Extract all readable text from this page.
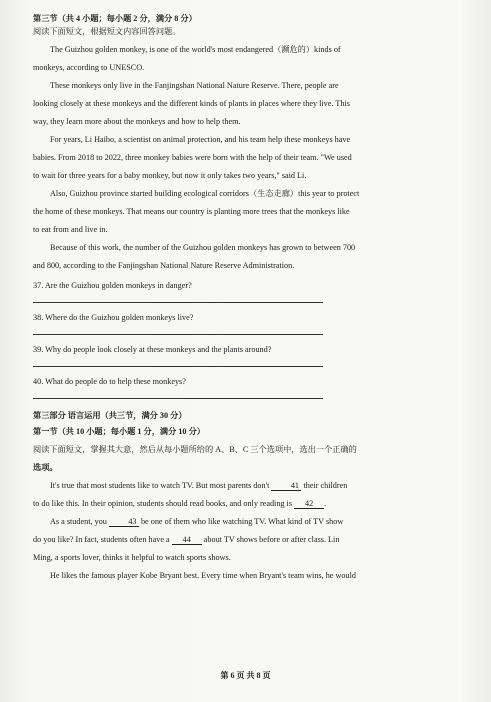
第三节（共 4 小题；每小题 2 分，满分 8 分）
阅读下面短文，根据短文内容回答问题。
The Guizhou golden monkey, is one of the world's most endangered（濒危的）kinds of
monkeys, according to UNESCO.
These monkeys only live in the Fanjingshan National Nature Reserve. There, people are
looking closely at these monkeys and the different kinds of plants in places where they live. This
way, they learn more about the monkeys and how to help them.
For years, Li Haibo, a scientist on animal protection, and his team help these monkeys have
babies. From 2018 to 2022, three monkey babies were born with the help of their team. "We used
to wait for three years for a baby monkey, but now it only takes two years," said Li.
Also, Guizhou province started building ecological corridors（生态走廊）this year to protect
the home of these monkeys. That means our country is planting more trees that the monkeys like
to eat from and live in.
Because of this work, the number of the Guizhou golden monkeys has grown to between 700
and 800, according to the Fanjingshan National Nature Reserve Administration.
37. Are the Guizhou golden monkeys in danger?
38. Where do the Guizhou golden monkeys live?
39. Why do people look closely at these monkeys and the plants around?
40. What do people do to help these monkeys?
第三部分 语言运用（共三节，满分 30 分）
第一节（共 10 小题；每小题 1 分，满分 10 分）
阅读下面短文，掌握其大意，然后从每小题所给的 A、B、C 三个选项中，选出一个正确的
选项。
It's true that most students like to watch TV. But most parents don't	41 their children
to do like this. In their opinion, students should read books, and only reading is 42 .
As a student, you	43 be one of them who like watching TV. What kind of TV show
do you like? In fact, students often have a 44 about TV shows before or after class. Lin
Ming, a sports lover, thinks it helpful to watch sports shows.
He likes the famous player Kobe Bryant best. Every time when Bryant's team wins, he would
第 6 页 共 8 页
